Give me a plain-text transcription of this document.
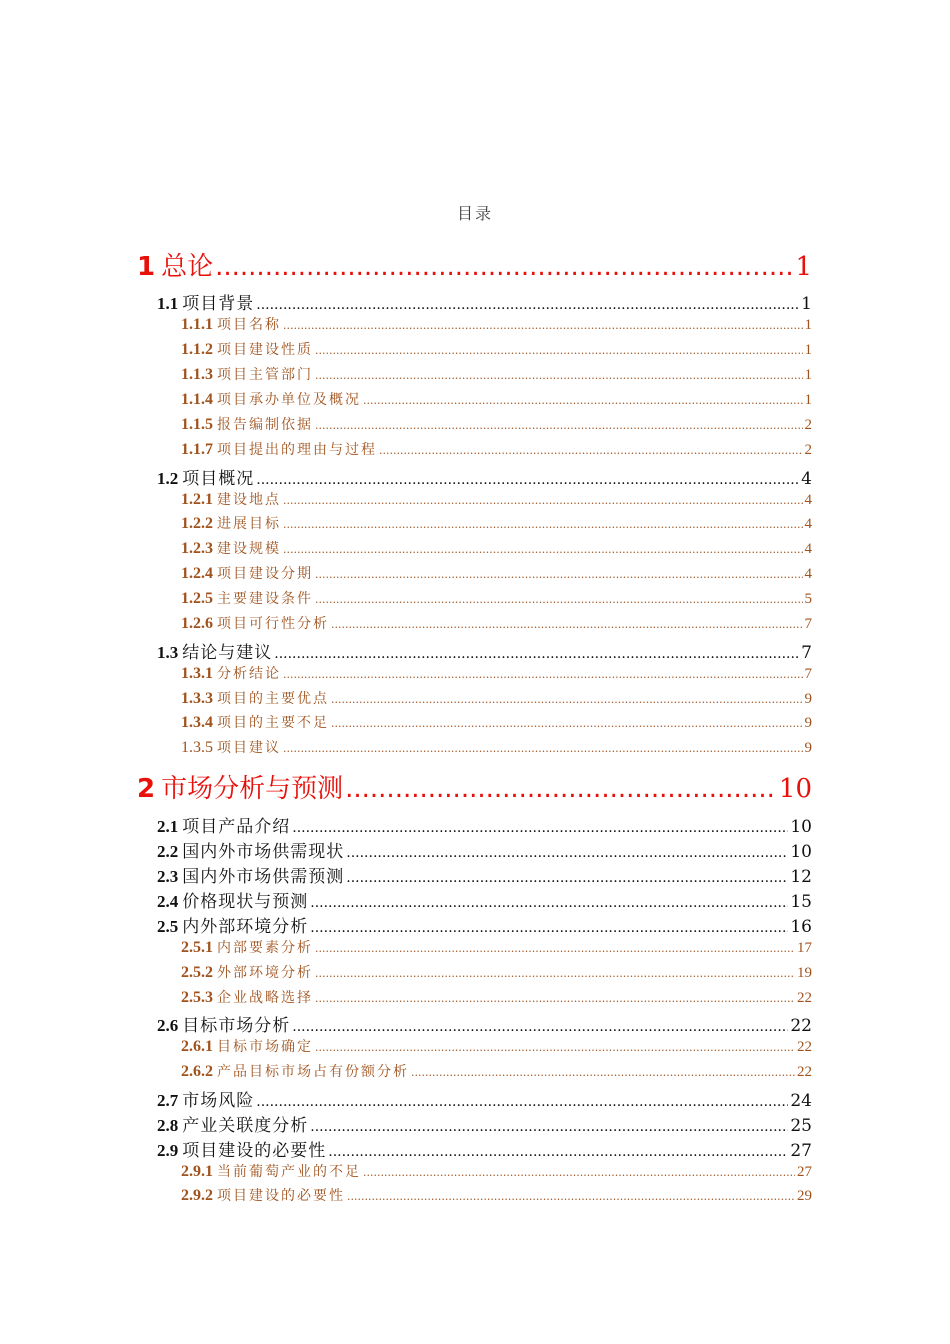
目录
1 总论 .....	1
1.1 项目背景 .....	1
1.1.1 项目名称 .....	1
1.1.2 项目建设性质 .....	1
1.1.3 项目主管部门 .....	1
1.1.4 项目承办单位及概况 .....	1
1.1.5 报告编制依据 .....	2
1.1.7 项目提出的理由与过程 .....	2
1.2 项目概况 .....	4
1.2.1 建设地点 .....	4
1.2.2 进展目标 .....	4
1.2.3 建设规模 .....	4
1.2.4 项目建设分期 .....	4
1.2.5 主要建设条件 .....	5
1.2.6 项目可行性分析 .....	7
1.3 结论与建议 .....	7
1.3.1 分析结论 .....	7
1.3.3 项目的主要优点 .....	9
1.3.4 项目的主要不足 .....	9
1.3.5 项目建议 .....	9
2 市场分析与预测 .....	10
2.1 项目产品介绍 .....	10
2.2 国内外市场供需现状 .....	10
2.3 国内外市场供需预测 .....	12
2.4 价格现状与预测 .....	15
2.5 内外部环境分析 .....	16
2.5.1 内部要素分析 .....	17
2.5.2 外部环境分析 .....	19
2.5.3 企业战略选择 .....	22
2.6 目标市场分析 .....	22
2.6.1 目标市场确定 .....	22
2.6.2 产品目标市场占有份额分析 .....	22
2.7 市场风险 .....	24
2.8 产业关联度分析 .....	25
2.9 项目建设的必要性 .....	27
2.9.1 当前葡萄产业的不足 .....	27
2.9.2 项目建设的必要性 .....	29
